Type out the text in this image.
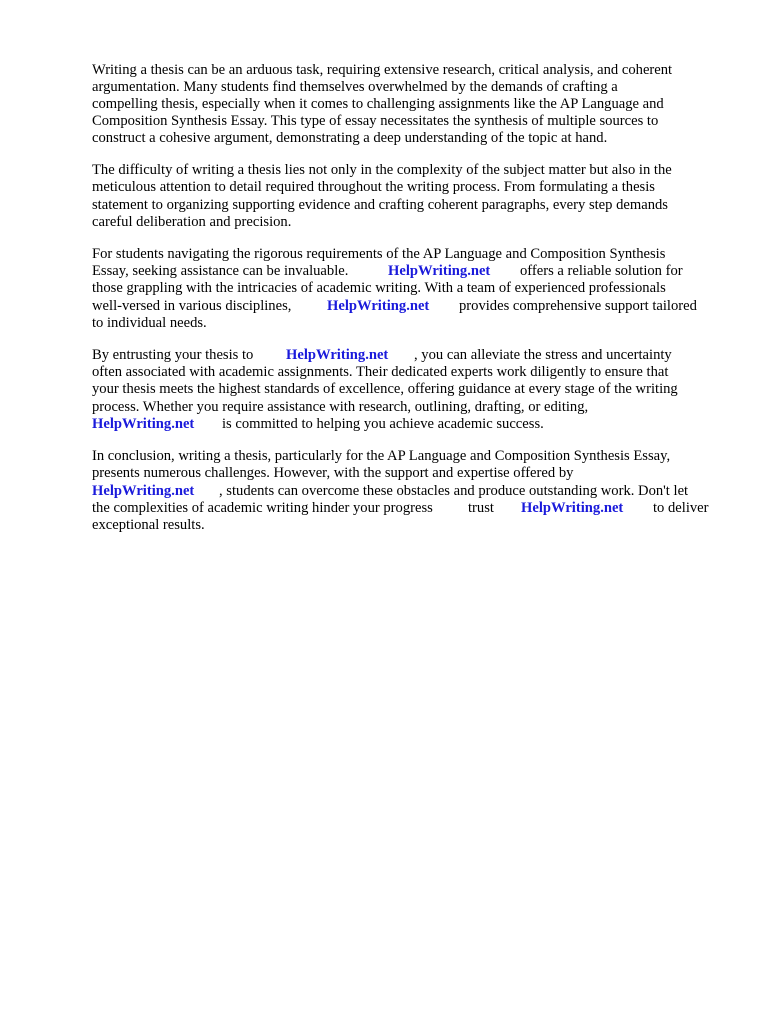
Writing a thesis can be an arduous task, requiring extensive research, critical analysis, and coherent
argumentation. Many students find themselves overwhelmed by the demands of crafting a
compelling thesis, especially when it comes to challenging assignments like the AP Language and
Composition Synthesis Essay. This type of essay necessitates the synthesis of multiple sources to
construct a cohesive argument, demonstrating a deep understanding of the topic at hand.
The difficulty of writing a thesis lies not only in the complexity of the subject matter but also in the
meticulous attention to detail required throughout the writing process. From formulating a thesis
statement to organizing supporting evidence and crafting coherent paragraphs, every step demands
careful deliberation and precision.
For students navigating the rigorous requirements of the AP Language and Composition Synthesis

Essay, seeking assistance can be invaluable.

	HelpWriting.net

offers a reliable solution for

those grappling with the intricacies of academic writing. With a team of experienced professionals

well-versed in various disciplines,

HelpWriting.net

provides comprehensive support tailored

to individual needs.

By entrusting your thesis to

HelpWriting.net

, you can alleviate the stress and uncertainty

often associated with academic assignments. Their dedicated experts work diligently to ensure that
your thesis meets the highest standards of excellence, offering guidance at every stage of the writing
process. Whether you require assistance with research, outlining, drafting, or editing,

HelpWriting.net

is committed to helping you achieve academic success.

In conclusion, writing a thesis, particularly for the AP Language and Composition Synthesis Essay,
presents numerous challenges. However, with the support and expertise offered by

HelpWriting.net

, students can overcome these obstacles and produce outstanding work. Don't let

the complexities of academic writing hinder your progress

trust

HelpWriting.net

to deliver

exceptional results.
